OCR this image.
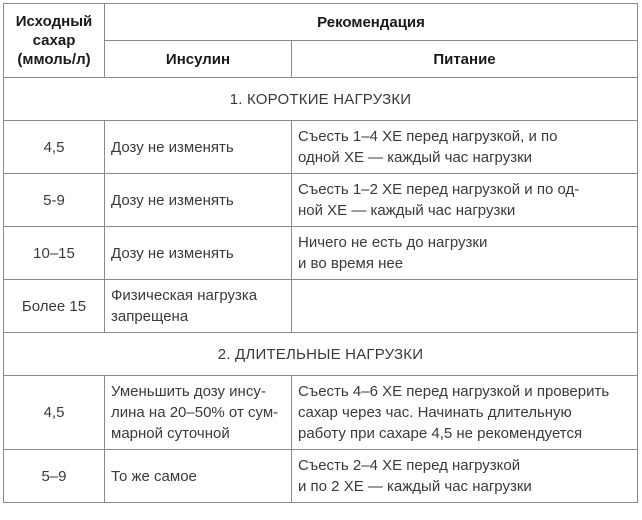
Исходный
сахар
(ммоль/л)	Рекомендация	
	Инсулин	Питание
1. КОРОТКИЕ НАГРУЗКИ		
4,5	Дозу не изменять	Съесть 1–4 ХЕ перед нагрузкой, и по
одной ХЕ — каждый час нагрузки

5-9	Дозу не изменять	Съесть 1–2 ХЕ перед нагрузкой и по од-
ной ХЕ — каждый час нагрузки

10–15	Дозу не изменять	Ничего не есть до нагрузки
и во время нее

Более 15	Физическая нагрузка
запрещена	

2. ДЛИТЕЛЬНЫЕ НАГРУЗКИ		
4,5	Уменьшить дозу инсу-
лина на 20–50% от сум-
марной суточной	Съесть 4–6 ХЕ перед нагрузкой и проверить
сахар через час. Начинать длительную
работу при сахаре 4,5 не рекомендуется

5–9	То же самое	Съесть 2–4 ХЕ перед нагрузкой
и по 2 ХЕ — каждый час нагрузки
